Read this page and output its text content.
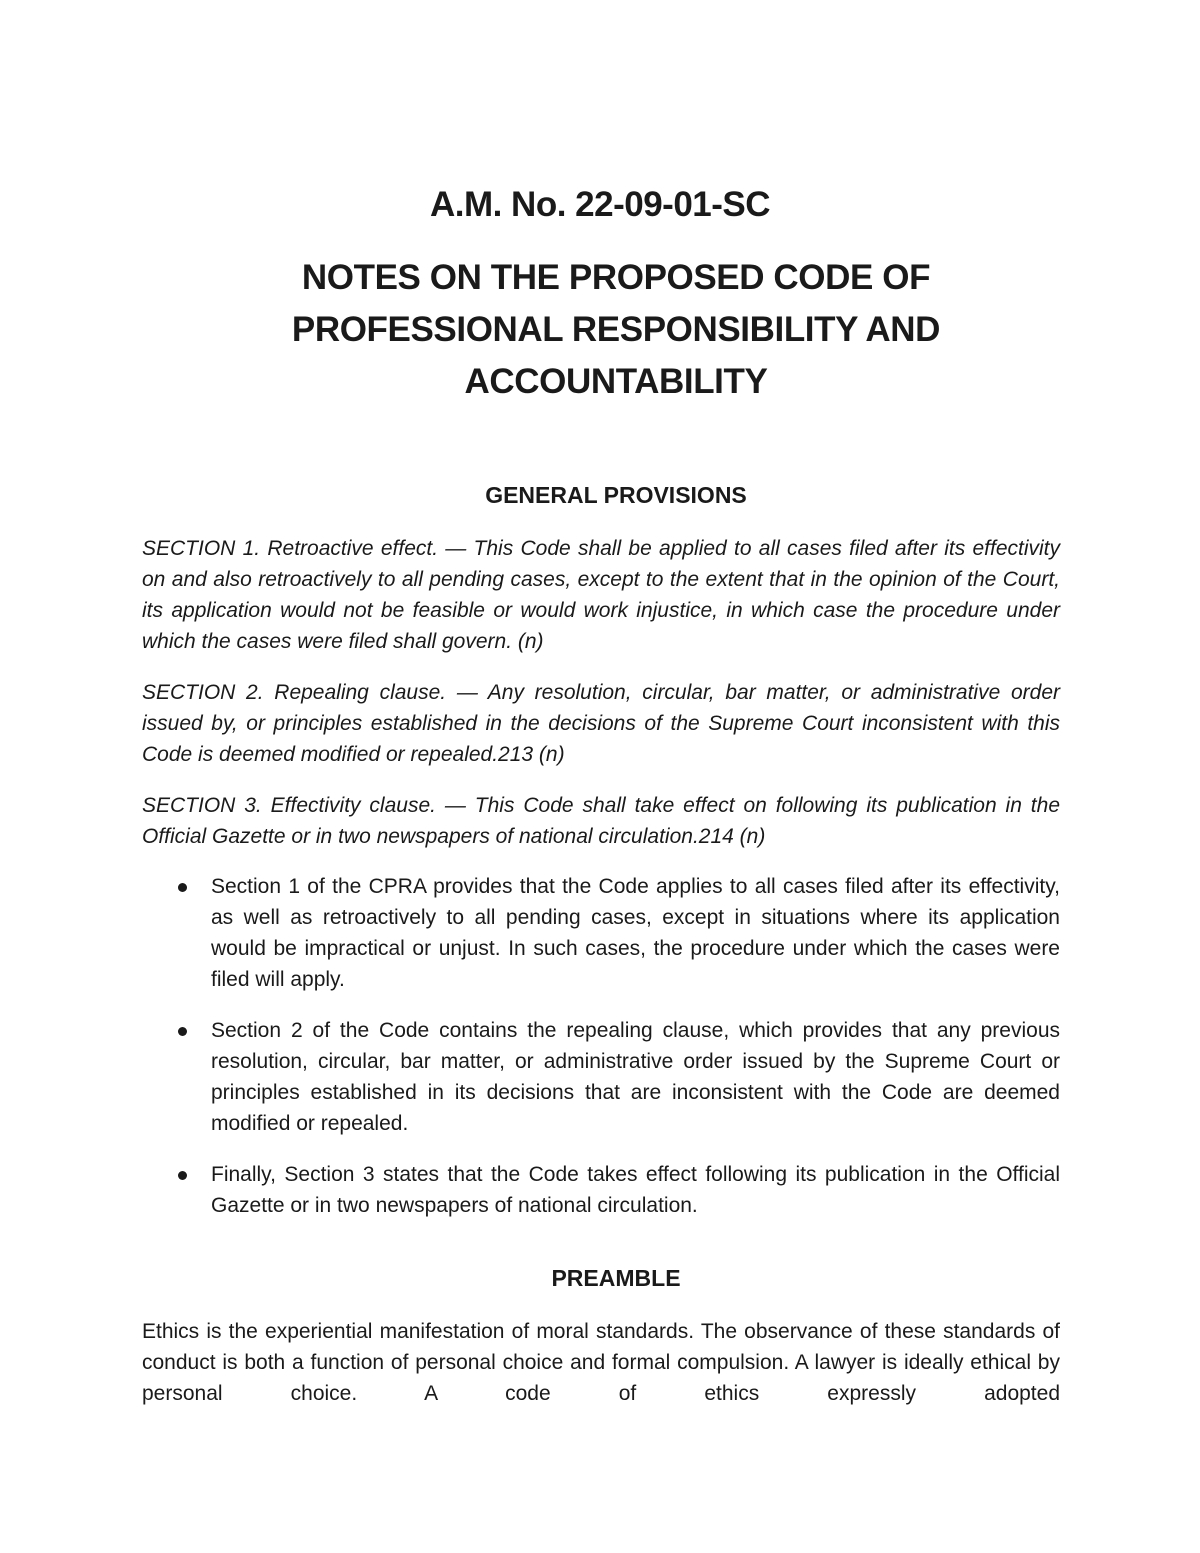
A.M. No. 22-09-01-SC
NOTES ON THE PROPOSED CODE OF PROFESSIONAL RESPONSIBILITY AND ACCOUNTABILITY
GENERAL PROVISIONS

SECTION 1. Retroactive effect. — This Code shall be applied to all cases filed after its effectivity on and also retroactively to all pending cases, except to the extent that in the opinion of the Court, its application would not be feasible or would work injustice, in which case the procedure under which the cases were filed shall govern. (n)

SECTION 2. Repealing clause. — Any resolution, circular, bar matter, or administrative order issued by, or principles established in the decisions of the Supreme Court inconsistent with this Code is deemed modified or repealed.213 (n)

SECTION 3. Effectivity clause. — This Code shall take effect on following its publication in the Official Gazette or in two newspapers of national circulation.214 (n)

Section 1 of the CPRA provides that the Code applies to all cases filed after its effectivity, as well as retroactively to all pending cases, except in situations where its application would be impractical or unjust. In such cases, the procedure under which the cases were filed will apply.

Section 2 of the Code contains the repealing clause, which provides that any previous resolution, circular, bar matter, or administrative order issued by the Supreme Court or principles established in its decisions that are inconsistent with the Code are deemed modified or repealed.

Finally, Section 3 states that the Code takes effect following its publication in the Official Gazette or in two newspapers of national circulation.

PREAMBLE

Ethics is the experiential manifestation of moral standards. The observance of these standards of conduct is both a function of personal choice and formal compulsion. A lawyer is ideally ethical by personal choice. A code of ethics expressly adopted
